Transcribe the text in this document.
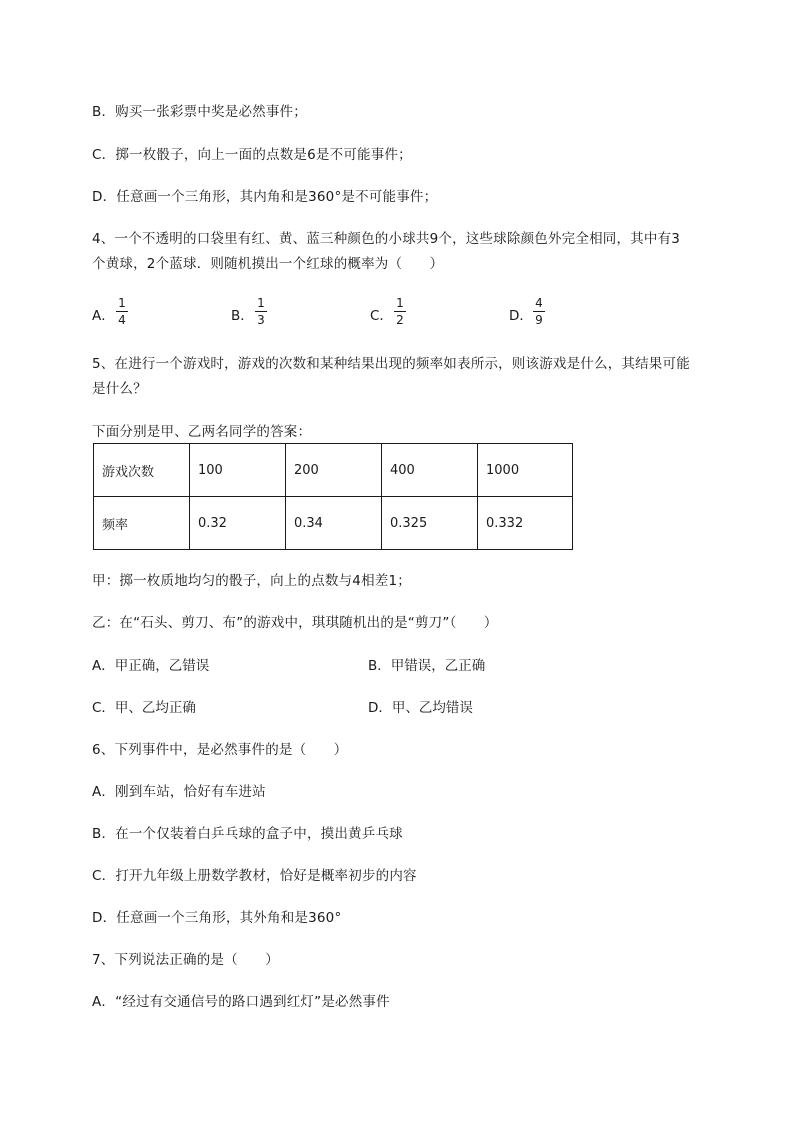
B．购买一张彩票中奖是必然事件；
C．掷一枚骰子，向上一面的点数是6是不可能事件；
D．任意画一个三角形，其内角和是360°是不可能事件；
4、一个不透明的口袋里有红、黄、蓝三种颜色的小球共9个，这些球除颜色外完全相同，其中有3
个黄球，2个蓝球．则随机摸出一个红球的概率为（　　）
A．
1
4	B．
1
3	C．
1
2	D．
4
9
5、在进行一个游戏时，游戏的次数和某种结果出现的频率如表所示，则该游戏是什么，其结果可能
是什么？
下面分别是甲、乙两名同学的答案：
游戏次数	100	200	400	1000
频率	0.32	0.34	0.325	0.332
甲：掷一枚质地均匀的骰子，向上的点数与4相差1；
乙：在“石头、剪刀、布”的游戏中，琪琪随机出的是“剪刀”（　　）
A．甲正确，乙错误	B．甲错误，乙正确
C．甲、乙均正确	D．甲、乙均错误
6、下列事件中，是必然事件的是（　　）
A．刚到车站，恰好有车进站
B．在一个仅装着白乒乓球的盒子中，摸出黄乒乓球
C．打开九年级上册数学教材，恰好是概率初步的内容
D．任意画一个三角形，其外角和是360°
7、下列说法正确的是（　　）
A．“经过有交通信号的路口遇到红灯”是必然事件
